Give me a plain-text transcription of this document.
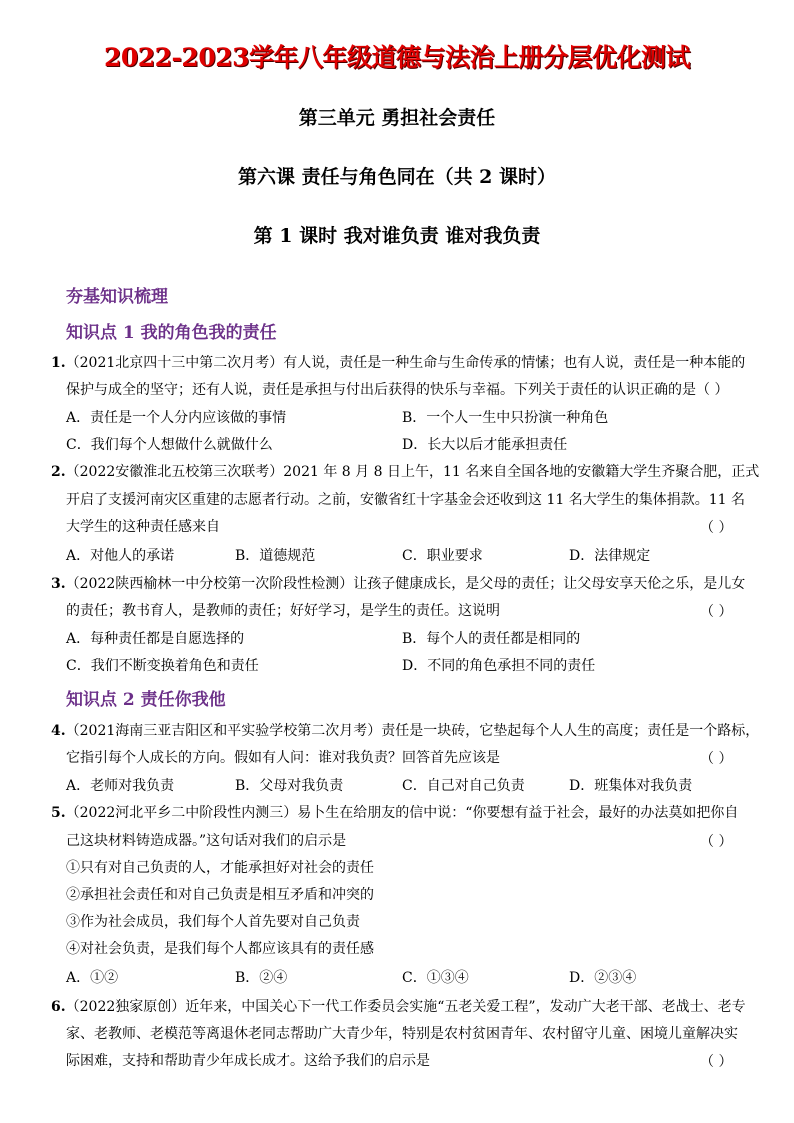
2022-2023学年八年级道德与法治上册分层优化测试
第三单元 勇担社会责任
第六课 责任与角色同在（共 2 课时）
第 1 课时 我对谁负责 谁对我负责
夯基知识梳理
知识点 1 我的角色我的责任
1.（2021北京四十三中第二次月考）有人说，责任是一种生命与生命传承的情愫；也有人说，责任是一种本能的
保护与成全的坚守；还有人说，责任是承担与付出后获得的快乐与幸福。下列关于责任的认识正确的是（ ）
A．责任是一个人分内应该做的事情	B．一个人一生中只扮演一种角色
C．我们每个人想做什么就做什么	D．长大以后才能承担责任
2.（2022安徽淮北五校第三次联考）2021 年 8 月 8 日上午，11 名来自全国各地的安徽籍大学生齐聚合肥，正式
开启了支援河南灾区重建的志愿者行动。之前，安徽省红十字基金会还收到这 11 名大学生的集体捐款。11 名
大学生的这种责任感来自	（ ）
A．对他人的承诺	B．道德规范	C．职业要求	D．法律规定
3.（2022陕西榆林一中分校第一次阶段性检测）让孩子健康成长，是父母的责任；让父母安享天伦之乐，是儿女
的责任；教书育人，是教师的责任；好好学习，是学生的责任。这说明	（ ）
A．每种责任都是自愿选择的	B．每个人的责任都是相同的
C．我们不断变换着角色和责任	D．不同的角色承担不同的责任
知识点 2 责任你我他
4.（2021海南三亚吉阳区和平实验学校第二次月考）责任是一块砖，它垫起每个人人生的高度；责任是一个路标，
它指引每个人成长的方向。假如有人问：谁对我负责？回答首先应该是	（ ）
A．老师对我负责	B．父母对我负责	C．自己对自己负责	D．班集体对我负责
5.（2022河北平乡二中阶段性内测三）易卜生在给朋友的信中说：“你要想有益于社会，最好的办法莫如把你自
己这块材料铸造成器。”这句话对我们的启示是	（ ）
①只有对自己负责的人，才能承担好对社会的责任
②承担社会责任和对自己负责是相互矛盾和冲突的
③作为社会成员，我们每个人首先要对自己负责
④对社会负责，是我们每个人都应该具有的责任感
A．①②	B．②④	C．①③④	D．②③④
6.（2022独家原创）近年来，中国关心下一代工作委员会实施“五老关爱工程”，发动广大老干部、老战士、老专
家、老教师、老模范等离退休老同志帮助广大青少年，特别是农村贫困青年、农村留守儿童、困境儿童解决实
际困难，支持和帮助青少年成长成才。这给予我们的启示是	（ ）
